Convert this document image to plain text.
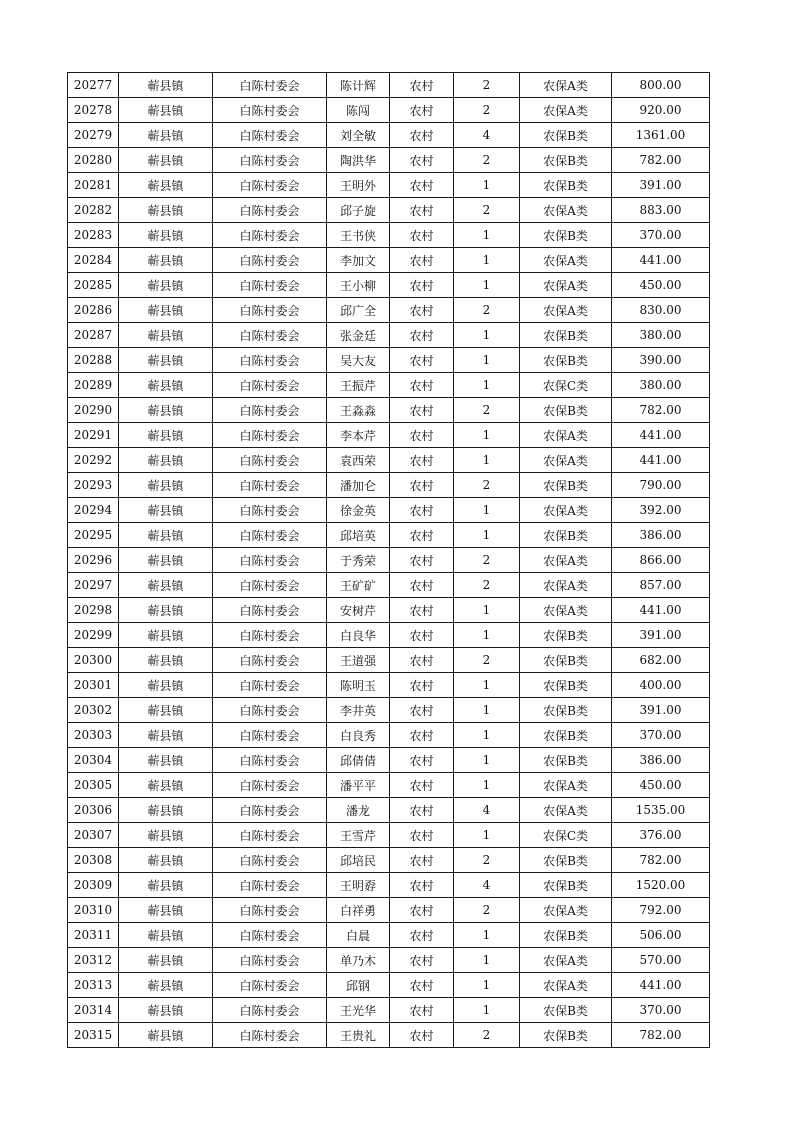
20277	蕲县镇	白陈村委会	陈计辉	农村	2	农保A类	800.00
20278	蕲县镇	白陈村委会	陈闯	农村	2	农保A类	920.00
20279	蕲县镇	白陈村委会	刘全敏	农村	4	农保B类	1361.00
20280	蕲县镇	白陈村委会	陶洪华	农村	2	农保B类	782.00
20281	蕲县镇	白陈村委会	王明外	农村	1	农保B类	391.00
20282	蕲县镇	白陈村委会	邱子旋	农村	2	农保A类	883.00
20283	蕲县镇	白陈村委会	王书侠	农村	1	农保B类	370.00
20284	蕲县镇	白陈村委会	李加文	农村	1	农保A类	441.00
20285	蕲县镇	白陈村委会	王小柳	农村	1	农保A类	450.00
20286	蕲县镇	白陈村委会	邱广全	农村	2	农保A类	830.00
20287	蕲县镇	白陈村委会	张金廷	农村	1	农保B类	380.00
20288	蕲县镇	白陈村委会	吴大友	农村	1	农保B类	390.00
20289	蕲县镇	白陈村委会	王振芹	农村	1	农保C类	380.00
20290	蕲县镇	白陈村委会	王淼淼	农村	2	农保B类	782.00
20291	蕲县镇	白陈村委会	李本芹	农村	1	农保A类	441.00
20292	蕲县镇	白陈村委会	袁西荣	农村	1	农保A类	441.00
20293	蕲县镇	白陈村委会	潘加仑	农村	2	农保B类	790.00
20294	蕲县镇	白陈村委会	徐金英	农村	1	农保A类	392.00
20295	蕲县镇	白陈村委会	邱培英	农村	1	农保B类	386.00
20296	蕲县镇	白陈村委会	于秀荣	农村	2	农保A类	866.00
20297	蕲县镇	白陈村委会	王矿矿	农村	2	农保A类	857.00
20298	蕲县镇	白陈村委会	安树芹	农村	1	农保A类	441.00
20299	蕲县镇	白陈村委会	白良华	农村	1	农保B类	391.00
20300	蕲县镇	白陈村委会	王道强	农村	2	农保B类	682.00
20301	蕲县镇	白陈村委会	陈明玉	农村	1	农保B类	400.00
20302	蕲县镇	白陈村委会	李井英	农村	1	农保B类	391.00
20303	蕲县镇	白陈村委会	白良秀	农村	1	农保B类	370.00
20304	蕲县镇	白陈村委会	邱倩倩	农村	1	农保B类	386.00
20305	蕲县镇	白陈村委会	潘平平	农村	1	农保A类	450.00
20306	蕲县镇	白陈村委会	潘龙	农村	4	农保A类	1535.00
20307	蕲县镇	白陈村委会	王雪芹	农村	1	农保C类	376.00
20308	蕲县镇	白陈村委会	邱培民	农村	2	农保B类	782.00
20309	蕲县镇	白陈村委会	王明孬	农村	4	农保B类	1520.00
20310	蕲县镇	白陈村委会	白祥勇	农村	2	农保A类	792.00
20311	蕲县镇	白陈村委会	白晨	农村	1	农保B类	506.00
20312	蕲县镇	白陈村委会	单乃木	农村	1	农保A类	570.00
20313	蕲县镇	白陈村委会	邱钢	农村	1	农保A类	441.00
20314	蕲县镇	白陈村委会	王光华	农村	1	农保B类	370.00
20315	蕲县镇	白陈村委会	王贵礼	农村	2	农保B类	782.00
